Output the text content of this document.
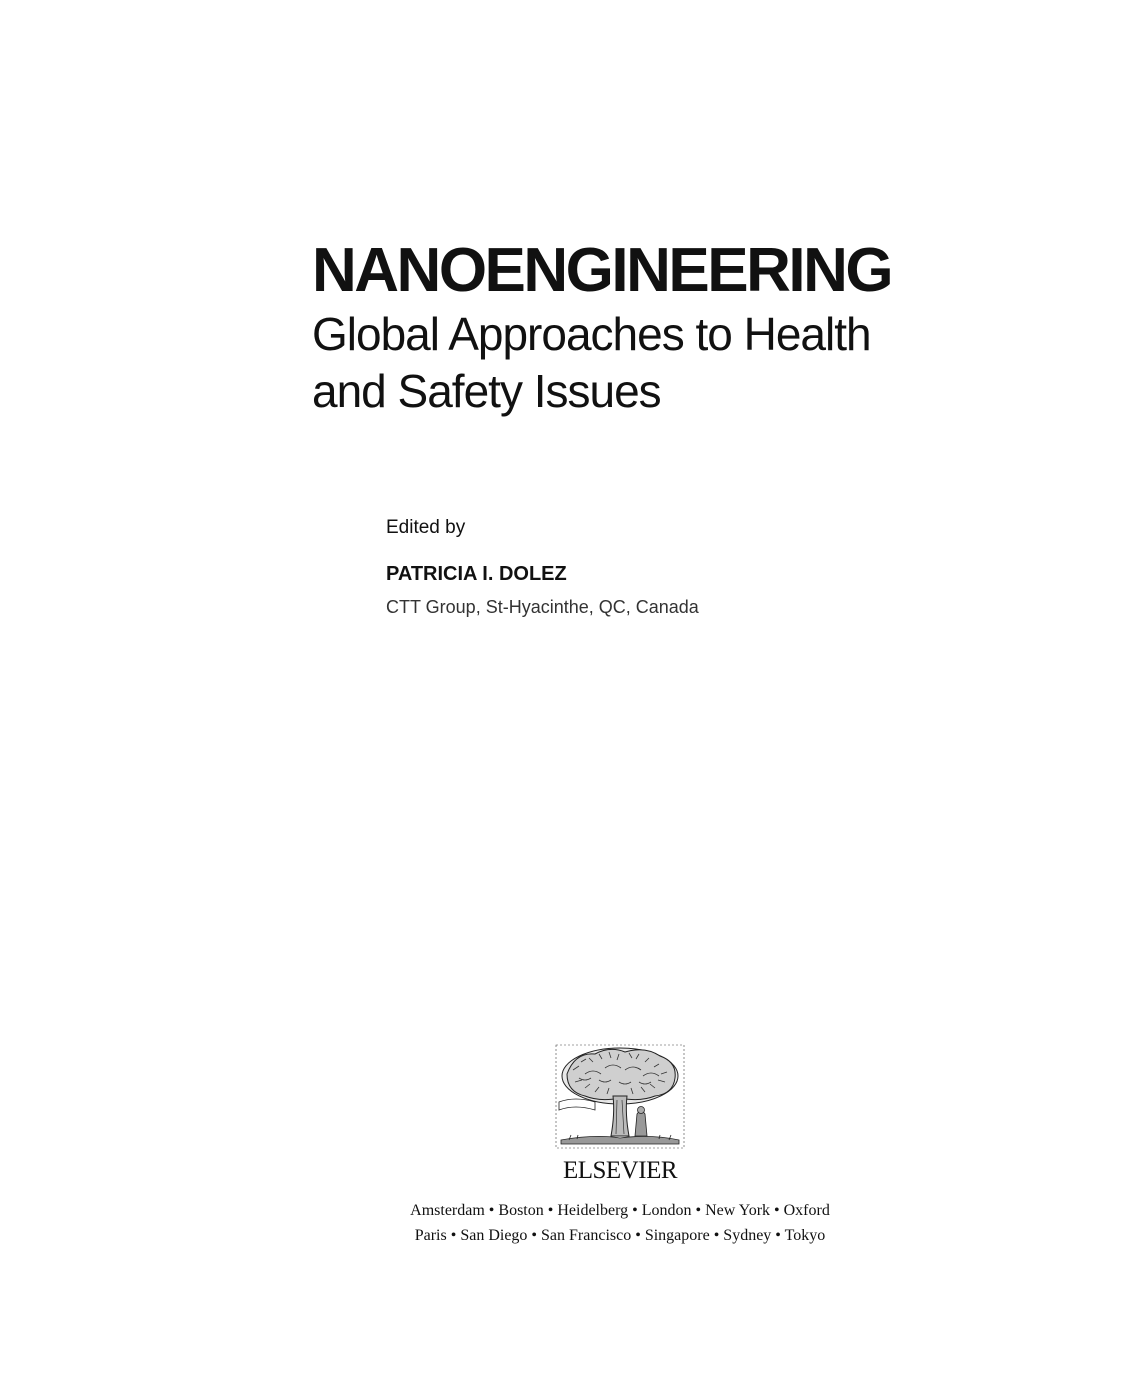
NANOENGINEERING

Global Approaches to Health

and Safety Issues

Edited by

PATRICIA I. DOLEZ

CTT Group, St-Hyacinthe, QC, Canada

ELSEVIER

Amsterdam • Boston • Heidelberg • London • New York • Oxford

Paris • San Diego • San Francisco • Singapore • Sydney • Tokyo
